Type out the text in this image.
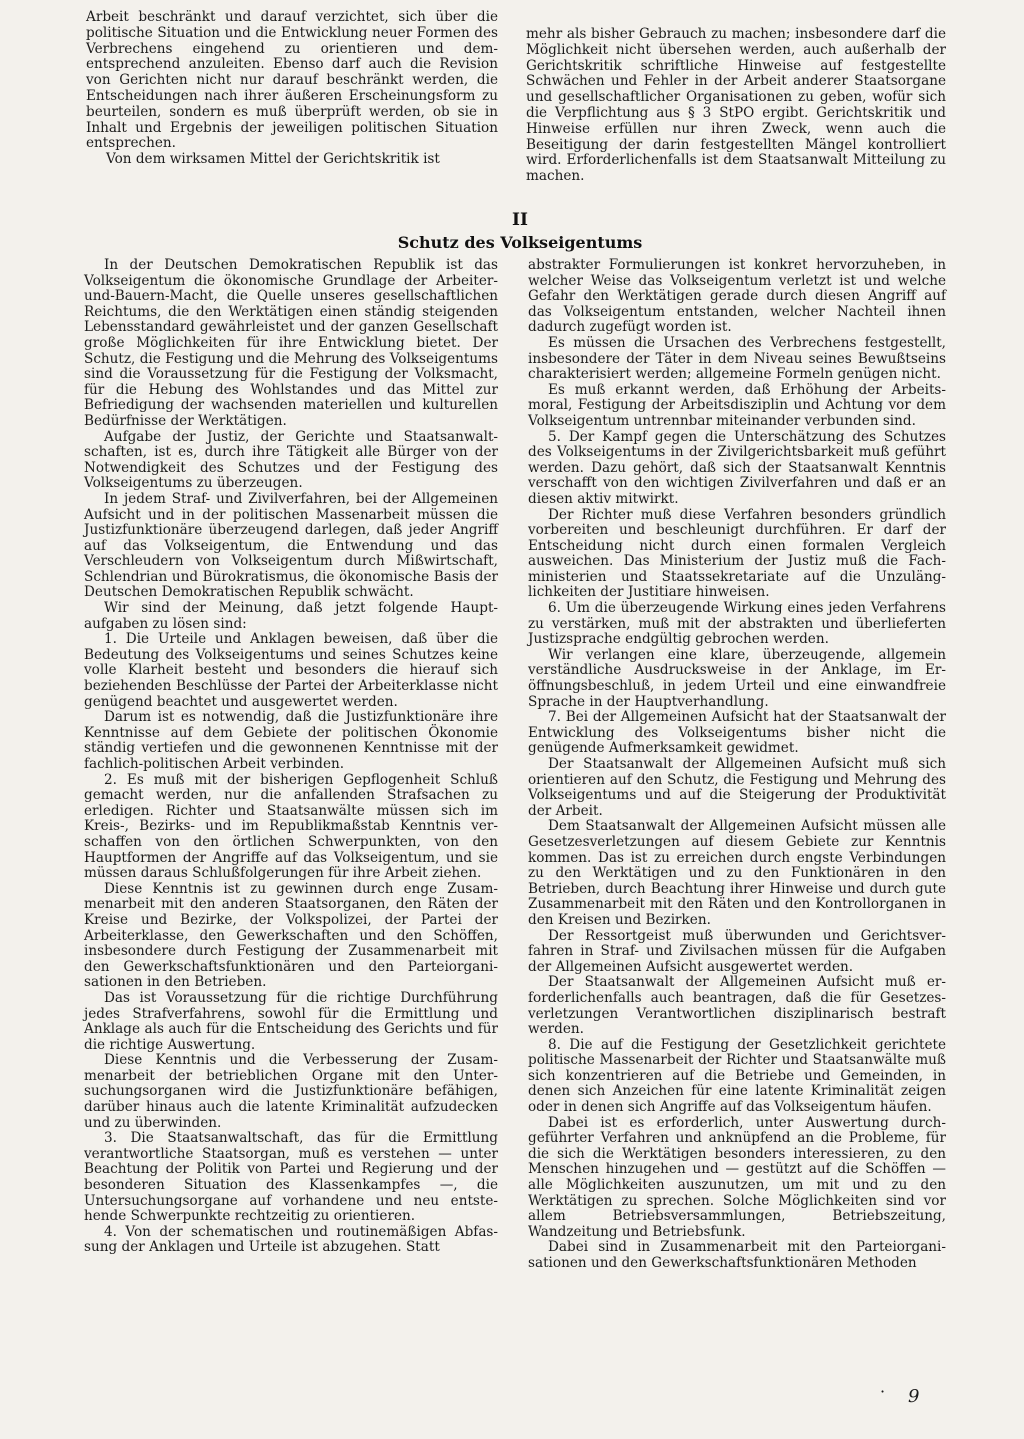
Arbeit beschränkt und darauf verzichtet, sich über die politische Situation und die Entwicklung neuer Formen des Verbrechens eingehend zu orientieren und dementsprechend anzuleiten. Ebenso darf auch die Revision von Gerichten nicht nur darauf beschränkt werden, die Entscheidungen nach ihrer äußeren Erscheinungsform zu beurteilen, sondern es muß überprüft werden, ob sie in Inhalt und Ergebnis der jeweiligen politischen Situation entsprechen.

Von dem wirksamen Mittel der Gerichtskritik ist

mehr als bisher Gebrauch zu machen; insbesondere darf die Möglichkeit nicht übersehen werden, auch außerhalb der Gerichtskritik schriftliche Hinweise auf festgestellte Schwächen und Fehler in der Arbeit anderer Staatsorgane und gesellschaftlicher Organisationen zu geben, wofür sich die Verpflichtung aus § 3 StPO ergibt. Gerichtskritik und Hinweise erfüllen nur ihren Zweck, wenn auch die Beseitigung der darin festgestellten Mängel kontrolliert wird. Erforderlichenfalls ist dem Staatsanwalt Mitteilung zu machen.

II
Schutz des Volkseigentums

In der Deutschen Demokratischen Republik ist das Volkseigentum die ökonomische Grundlage der Arbeiter-und-Bauern-Macht, die Quelle unseres gesellschaftlichen Reichtums, die den Werktätigen einen ständig steigenden Lebensstandard gewährleistet und der ganzen Gesellschaft große Möglichkeiten für ihre Entwicklung bietet. Der Schutz, die Festigung und die Mehrung des Volkseigentums sind die Voraussetzung für die Festigung der Volksmacht, für die Hebung des Wohlstandes und das Mittel zur Befriedigung der wachsenden materiellen und kulturellen Bedürfnisse der Werktätigen.

Aufgabe der Justiz, der Gerichte und Staatsanwaltschaften, ist es, durch ihre Tätigkeit alle Bürger von der Notwendigkeit des Schutzes und der Festigung des Volkseigentums zu überzeugen.

In jedem Straf- und Zivilverfahren, bei der Allgemeinen Aufsicht und in der politischen Massenarbeit müssen die Justizfunktionäre überzeugend darlegen, daß jeder Angriff auf das Volkseigentum, die Entwendung und das Verschleudern von Volkseigentum durch Mißwirtschaft, Schlendrian und Bürokratismus, die ökonomische Basis der Deutschen Demokratischen Republik schwächt.

Wir sind der Meinung, daß jetzt folgende Hauptaufgaben zu lösen sind:

1. Die Urteile und Anklagen beweisen, daß über die Bedeutung des Volkseigentums und seines Schutzes keine volle Klarheit besteht und besonders die hierauf sich beziehenden Beschlüsse der Partei der Arbeiterklasse nicht genügend beachtet und ausgewertet werden.

Darum ist es notwendig, daß die Justizfunktionäre ihre Kenntnisse auf dem Gebiete der politischen Ökonomie ständig vertiefen und die gewonnenen Kenntnisse mit der fachlich-politischen Arbeit verbinden.

2. Es muß mit der bisherigen Gepflogenheit Schluß gemacht werden, nur die anfallenden Strafsachen zu erledigen. Richter und Staatsanwälte müssen sich im Kreis-, Bezirks- und im Republikmaßstab Kenntnis verschaffen von den örtlichen Schwerpunkten, von den Hauptformen der Angriffe auf das Volkseigentum, und sie müssen daraus Schlußfolgerungen für ihre Arbeit ziehen.

Diese Kenntnis ist zu gewinnen durch enge Zusammenarbeit mit den anderen Staatsorganen, den Räten der Kreise und Bezirke, der Volkspolizei, der Partei der Arbeiterklasse, den Gewerkschaften und den Schöffen, insbesondere durch Festigung der Zusammenarbeit mit den Gewerkschaftsfunktionären und den Parteiorganisationen in den Betrieben.

Das ist Voraussetzung für die richtige Durchführung jedes Strafverfahrens, sowohl für die Ermittlung und Anklage als auch für die Entscheidung des Gerichts und für die richtige Auswertung.

Diese Kenntnis und die Verbesserung der Zusammenarbeit der betrieblichen Organe mit den Untersuchungsorganen wird die Justizfunktionäre befähigen, darüber hinaus auch die latente Kriminalität aufzudecken und zu überwinden.

3. Die Staatsanwaltschaft, das für die Ermittlung verantwortliche Staatsorgan, muß es verstehen — unter Beachtung der Politik von Partei und Regierung und der besonderen Situation des Klassenkampfes —, die Untersuchungsorgane auf vorhandene und neu entstehende Schwerpunkte rechtzeitig zu orientieren.

4. Von der schematischen und routinemäßigen Abfassung der Anklagen und Urteile ist abzugehen. Statt

abstrakter Formulierungen ist konkret hervorzuheben, in welcher Weise das Volkseigentum verletzt ist und welche Gefahr den Werktätigen gerade durch diesen Angriff auf das Volkseigentum entstanden, welcher Nachteil ihnen dadurch zugefügt worden ist.

Es müssen die Ursachen des Verbrechens festgestellt, insbesondere der Täter in dem Niveau seines Bewußtseins charakterisiert werden; allgemeine Formeln genügen nicht.

Es muß erkannt werden, daß Erhöhung der Arbeitsmoral, Festigung der Arbeitsdisziplin und Achtung vor dem Volkseigentum untrennbar miteinander verbunden sind.

5. Der Kampf gegen die Unterschätzung des Schutzes des Volkseigentums in der Zivilgerichtsbarkeit muß geführt werden. Dazu gehört, daß sich der Staatsanwalt Kenntnis verschafft von den wichtigen Zivilverfahren und daß er an diesen aktiv mitwirkt.

Der Richter muß diese Verfahren besonders gründlich vorbereiten und beschleunigt durchführen. Er darf der Entscheidung nicht durch einen formalen Vergleich ausweichen. Das Ministerium der Justiz muß die Fachministerien und Staatssekretariate auf die Unzulänglichkeiten der Justitiare hinweisen.

6. Um die überzeugende Wirkung eines jeden Verfahrens zu verstärken, muß mit der abstrakten und überlieferten Justizsprache endgültig gebrochen werden.

Wir verlangen eine klare, überzeugende, allgemein verständliche Ausdrucksweise in der Anklage, im Eröffnungsbeschluß, in jedem Urteil und eine einwandfreie Sprache in der Hauptverhandlung.

7. Bei der Allgemeinen Aufsicht hat der Staatsanwalt der Entwicklung des Volkseigentums bisher nicht die genügende Aufmerksamkeit gewidmet.

Der Staatsanwalt der Allgemeinen Aufsicht muß sich orientieren auf den Schutz, die Festigung und Mehrung des Volkseigentums und auf die Steigerung der Produktivität der Arbeit.

Dem Staatsanwalt der Allgemeinen Aufsicht müssen alle Gesetzesverletzungen auf diesem Gebiete zur Kenntnis kommen. Das ist zu erreichen durch engste Verbindungen zu den Werktätigen und zu den Funktionären in den Betrieben, durch Beachtung ihrer Hinweise und durch gute Zusammenarbeit mit den Räten und den Kontrollorganen in den Kreisen und Bezirken.

Der Ressortgeist muß überwunden und Gerichtsverfahren in Straf- und Zivilsachen müssen für die Aufgaben der Allgemeinen Aufsicht ausgewertet werden.

Der Staatsanwalt der Allgemeinen Aufsicht muß erforderlichenfalls auch beantragen, daß die für Gesetzesverletzungen Verantwortlichen disziplinarisch bestraft werden.

8. Die auf die Festigung der Gesetzlichkeit gerichtete politische Massenarbeit der Richter und Staatsanwälte muß sich konzentrieren auf die Betriebe und Gemeinden, in denen sich Anzeichen für eine latente Kriminalität zeigen oder in denen sich Angriffe auf das Volkseigentum häufen.

Dabei ist es erforderlich, unter Auswertung durchgeführter Verfahren und anknüpfend an die Probleme, für die sich die Werktätigen besonders interessieren, zu den Menschen hinzugehen und — gestützt auf die Schöffen — alle Möglichkeiten auszunutzen, um mit und zu den Werktätigen zu sprechen. Solche Möglichkeiten sind vor allem Betriebsversammlungen, Betriebszeitung, Wandzeitung und Betriebsfunk.

Dabei sind in Zusammenarbeit mit den Parteiorganisationen und den Gewerkschaftsfunktionären Methoden

· 9
